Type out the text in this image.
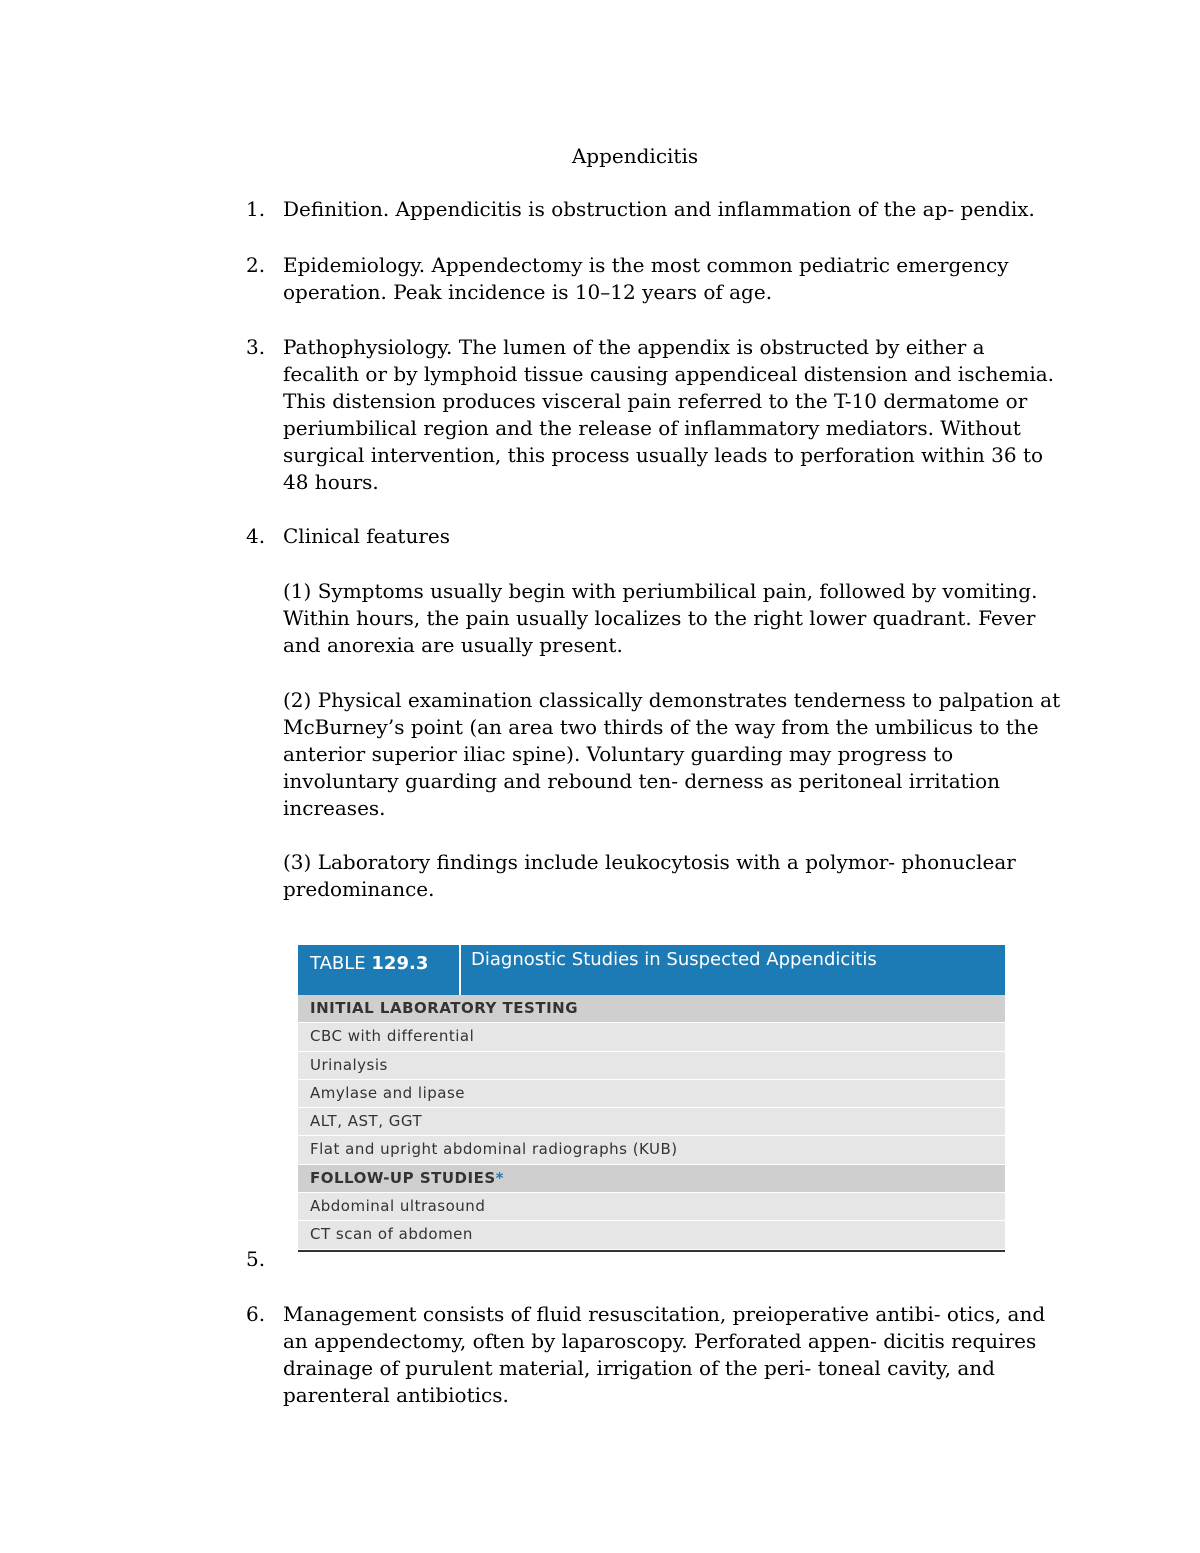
Appendicitis
1. Definition. Appendicitis is obstruction and inflammation of the ap- pendix.
2. Epidemiology. Appendectomy is the most common pediatric emergency operation. Peak incidence is 10–12 years of age.
3. Pathophysiology. The lumen of the appendix is obstructed by either a fecalith or by lymphoid tissue causing appendiceal distension and ischemia. This distension produces visceral pain referred to the T-10 dermatome or periumbilical region and the release of inflammatory mediators. Without surgical intervention, this process usually leads to perforation within 36 to 48 hours.
4. Clinical features
(1) Symptoms usually begin with periumbilical pain, followed by vomiting. Within hours, the pain usually localizes to the right lower quadrant. Fever and anorexia are usually present.
(2) Physical examination classically demonstrates tenderness to palpation at McBurney’s point (an area two thirds of the way from the umbilicus to the anterior superior iliac spine). Voluntary guarding may progress to involuntary guarding and rebound ten- derness as peritoneal irritation increases.
(3) Laboratory findings include leukocytosis with a polymor- phonuclear predominance.
TABLE 129.3	Diagnostic Studies in Suspected Appendicitis
INITIAL LABORATORY TESTING
CBC with differential
Urinalysis
Amylase and lipase
ALT, AST, GGT
Flat and upright abdominal radiographs (KUB)
FOLLOW-UP STUDIES*
Abdominal ultrasound
CT scan of abdomen
5.
6. Management consists of fluid resuscitation, preioperative antibi- otics, and an appendectomy, often by laparoscopy. Perforated appen- dicitis requires drainage of purulent material, irrigation of the peri- toneal cavity, and parenteral antibiotics.
